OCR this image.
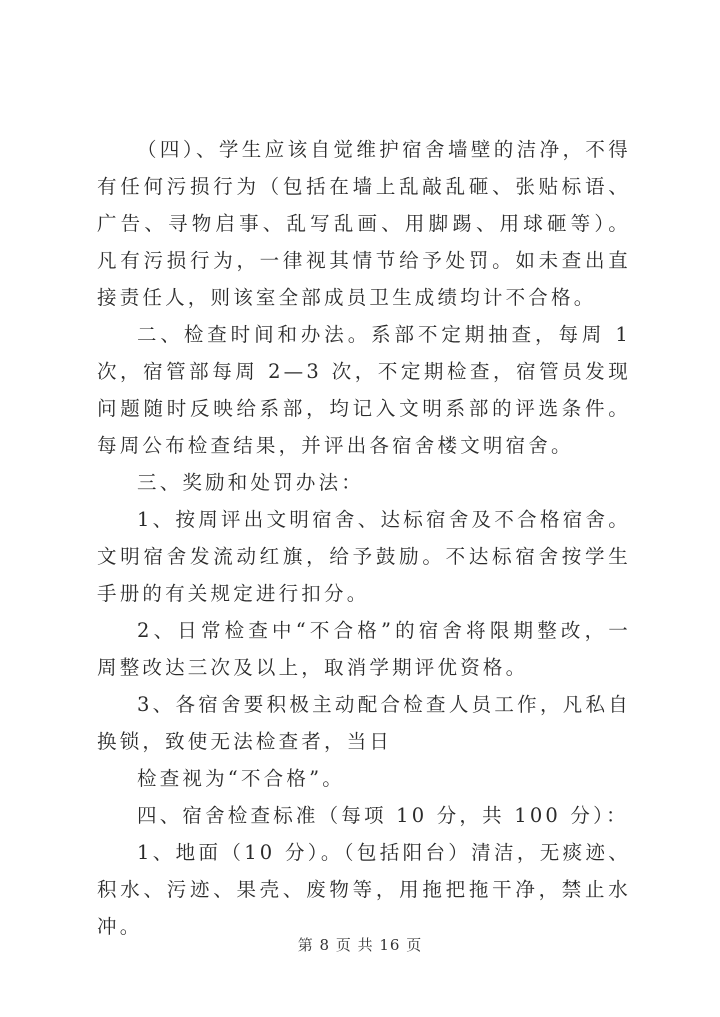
（四）、学生应该自觉维护宿舍墙壁的洁净，不得有任何污损行为（包括在墙上乱敲乱砸、张贴标语、广告、寻物启事、乱写乱画、用脚踢、用球砸等）。凡有污损行为，一律视其情节给予处罚。如未查出直接责任人，则该室全部成员卫生成绩均计不合格。

二、检查时间和办法。系部不定期抽查，每周 1 次，宿管部每周 2—3 次，不定期检查，宿管员发现问题随时反映给系部，均记入文明系部的评选条件。每周公布检查结果，并评出各宿舍楼文明宿舍。

三、奖励和处罚办法：

1、按周评出文明宿舍、达标宿舍及不合格宿舍。文明宿舍发流动红旗，给予鼓励。不达标宿舍按学生手册的有关规定进行扣分。

2、日常检查中“不合格”的宿舍将限期整改，一周整改达三次及以上，取消学期评优资格。

3、各宿舍要积极主动配合检查人员工作，凡私自换锁，致使无法检查者，当日

检查视为“不合格”。

四、宿舍检查标准（每项 10 分，共 100 分）：

1、地面（10 分）。（包括阳台）清洁，无痰迹、积水、污迹、果壳、废物等，用拖把拖干净，禁止水冲。

第 8 页 共 16 页
